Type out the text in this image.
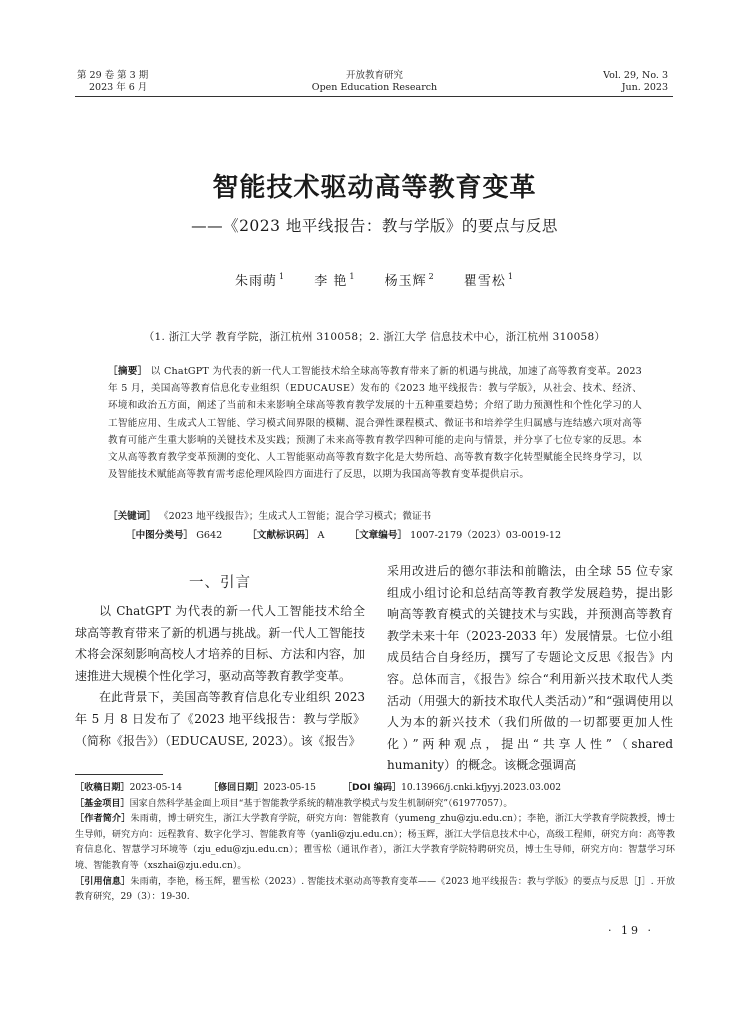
第 29 卷 第 3 期
2023 年 6 月
开放教育研究
Open Education Research
Vol. 29, No. 3
Jun. 2023
智能技术驱动高等教育变革
——《2023 地平线报告：教与学版》的要点与反思
朱雨萌 $^1$ 李 艳 $^1$ 杨玉辉 $^2$ 瞿雪松 $^1$
（1. 浙江大学 教育学院，浙江杭州 310058；2. 浙江大学 信息技术中心，浙江杭州 310058）
［摘要］ 以 ChatGPT 为代表的新一代人工智能技术给全球高等教育带来了新的机遇与挑战，加速了高等教育变革。2023 年 5 月，美国高等教育信息化专业组织（EDUCAUSE）发布的《2023 地平线报告：教与学版》，从社会、技术、经济、环境和政治五方面，阐述了当前和未来影响全球高等教育教学发展的十五种重要趋势；介绍了助力预测性和个性化学习的人工智能应用、生成式人工智能、学习模式间界限的模糊、混合弹性课程模式、微证书和培养学生归属感与连结感六项对高等教育可能产生重大影响的关键技术及实践；预测了未来高等教育教学四种可能的走向与情景，并分享了七位专家的反思。本文从高等教育教学变革预测的变化、人工智能驱动高等教育数字化是大势所趋、高等教育数字化转型赋能全民终身学习，以及智能技术赋能高等教育需考虑伦理风险四方面进行了反思，以期为我国高等教育变革提供启示。
［关键词］ 《2023 地平线报告》；生成式人工智能；混合学习模式；微证书
［中图分类号］ G642	［文献标识码］ A	［文章编号］ 1007-2179（2023）03-0019-12
一、引言

以 ChatGPT 为代表的新一代人工智能技术给全球高等教育带来了新的机遇与挑战。新一代人工智能技术将会深刻影响高校人才培养的目标、方法和内容，加速推进大规模个性化学习，驱动高等教育教学变革。

在此背景下，美国高等教育信息化专业组织 2023 年 5 月 8 日发布了《2023 地平线报告：教与学版》（简称《报告》）（EDUCAUSE, 2023）。该《报告》

采用改进后的德尔菲法和前瞻法，由全球 55 位专家组成小组讨论和总结高等教育教学发展趋势，提出影响高等教育模式的关键技术与实践，并预测高等教育教学未来十年（2023-2033 年）发展情景。七位小组成员结合自身经历，撰写了专题论文反思《报告》内容。总体而言，《报告》综合“利用新兴技术取代人类活动（用强大的新技术取代人类活动）”和“强调使用以人为本的新兴技术（我们所做的一切都要更加人性化）”两种观点，提出“共享人性”（shared humanity）的概念。该概念强调高

［收稿日期］2023-05-14	［修回日期］2023-05-15	［DOI 编码］10.13966/j.cnki.kfjyyj.2023.03.002
［基金项目］国家自然科学基金面上项目“基于智能教学系统的精准教学模式与发生机制研究”（61977057）。
［作者简介］朱雨萌，博士研究生，浙江大学教育学院，研究方向：智能教育（yumeng_zhu@zju.edu.cn）；李艳，浙江大学教育学院教授，博士生导师，研究方向：远程教育、数字化学习、智能教育等（yanli@zju.edu.cn）；杨玉辉，浙江大学信息技术中心，高级工程师，研究方向：高等教育信息化、智慧学习环境等（zju_edu@zju.edu.cn）；瞿雪松（通讯作者），浙江大学教育学院特聘研究员，博士生导师，研究方向：智慧学习环境、智能教育等（xszhai@zju.edu.cn）。
［引用信息］朱雨萌，李艳，杨玉辉，瞿雪松（2023）. 智能技术驱动高等教育变革——《2023 地平线报告：教与学版》的要点与反思［J］. 开放教育研究，29（3）：19-30.
· 19 ·
